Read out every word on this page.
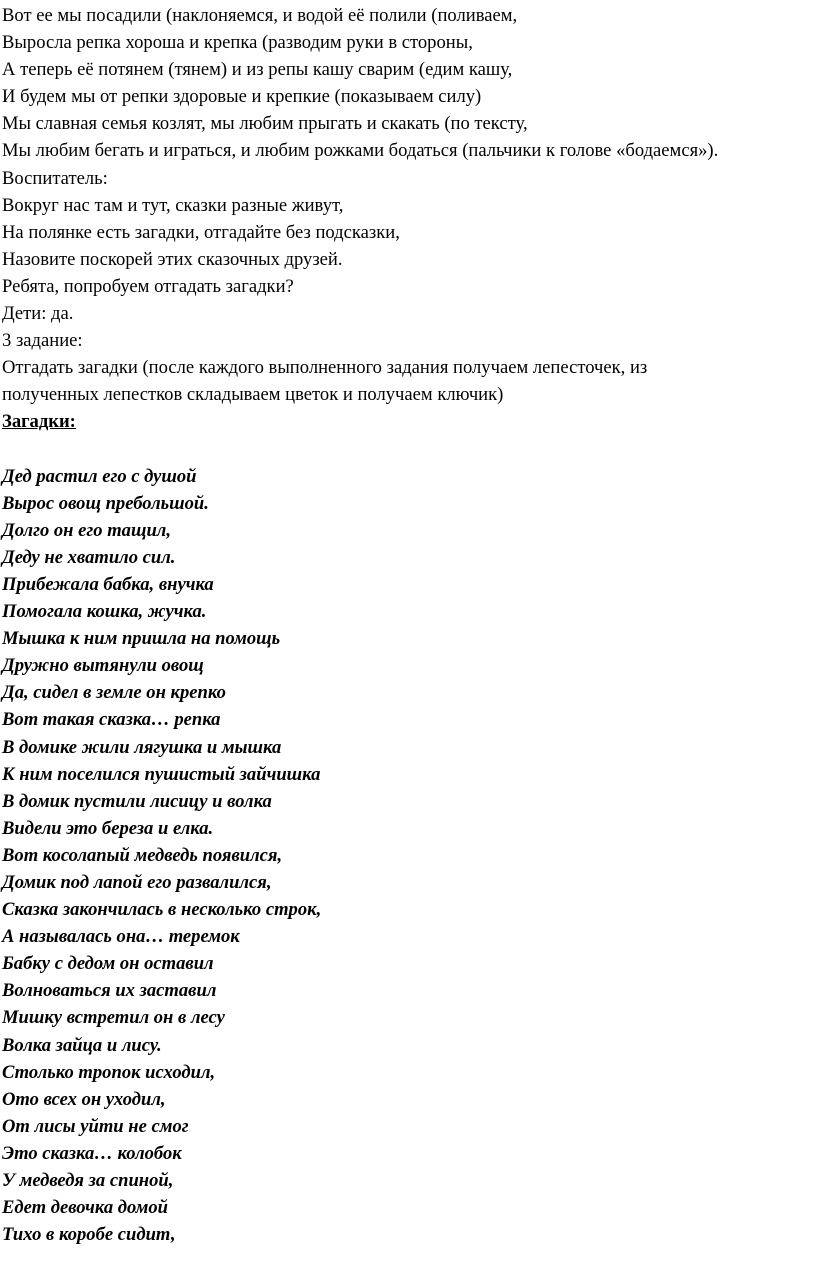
Вот ее мы посадили (наклоняемся, и водой её полили (поливаем,

Выросла репка хороша и крепка (разводим руки в стороны,

А теперь её потянем (тянем) и из репы кашу сварим (едим кашу,

И будем мы от репки здоровые и крепкие (показываем силу)

Мы славная семья козлят, мы любим прыгать и скакать (по тексту,

Мы любим бегать и играться, и любим рожками бодаться (пальчики к голове «бодаемся»).

Воспитатель:

Вокруг нас там и тут, сказки разные живут,

На полянке есть загадки, отгадайте без подсказки,

Назовите поскорей этих сказочных друзей.

Ребята, попробуем отгадать загадки?

Дети: да.

3 задание:

Отгадать загадки (после каждого выполненного задания получаем лепесточек, из

полученных лепестков складываем цветок и получаем ключик)

Загадки:

Дед растил его с душой

Вырос овощ пребольшой.

Долго он его тащил,

Деду не хватило сил.

Прибежала бабка, внучка

Помогала кошка, жучка.

Мышка к ним пришла на помощь

Дружно вытянули овощ

Да, сидел в земле он крепко

Вот такая сказка… репка

В домике жили лягушка и мышка

К ним поселился пушистый зайчишка

В домик пустили лисицу и волка

Видели это береза и елка.

Вот косолапый медведь появился,

Домик под лапой его развалился,

Сказка закончилась в несколько строк,

А называлась она… теремок

Бабку с дедом он оставил

Волноваться их заставил

Мишку встретил он в лесу

Волка зайца и лису.

Столько тропок исходил,

Ото всех он уходил,

От лисы уйти не смог

Это сказка… колобок

У медведя за спиной,

Едет девочка домой

Тихо в коробе сидит,
